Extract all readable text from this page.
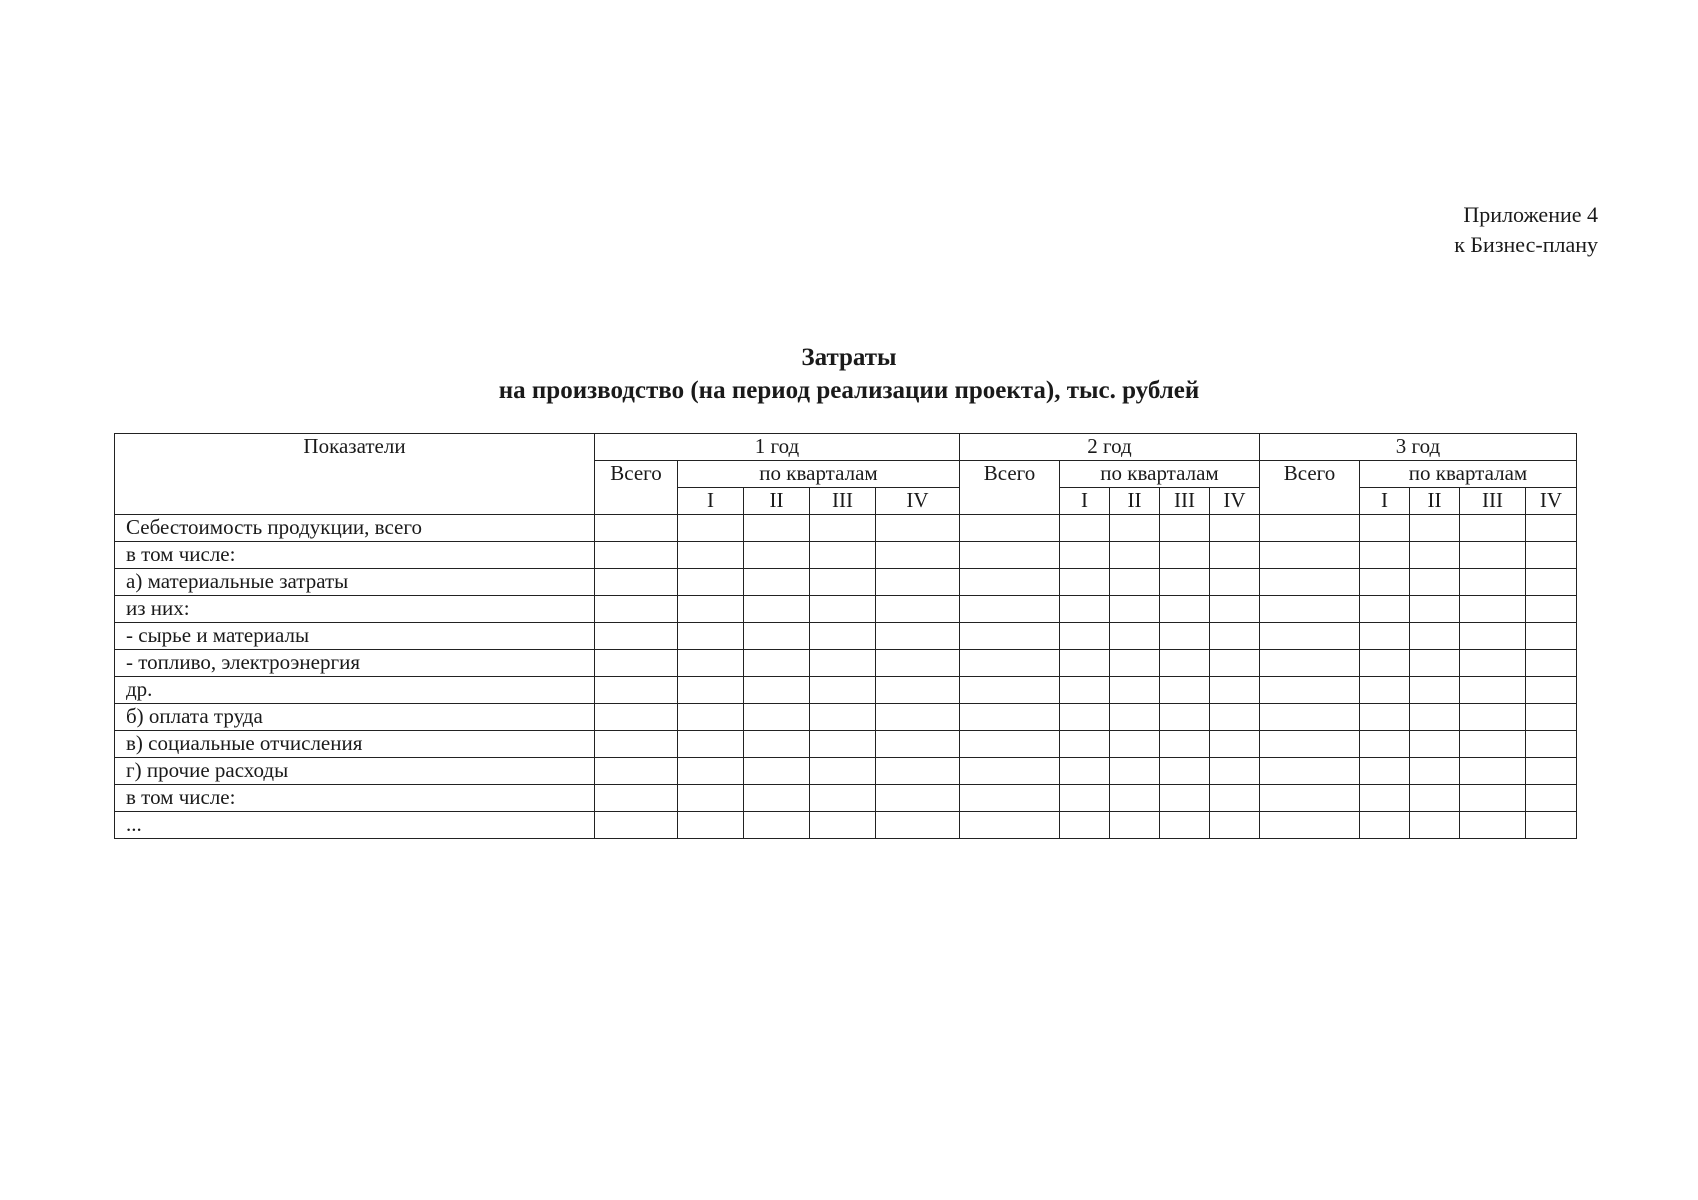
Приложение 4
к Бизнес-плану
Затраты
на производство (на период реализации проекта), тыс. рублей
Показатели	1 год					2 год					3 год				
	Всего	по кварталам				Всего	по кварталам				Всего	по кварталам			
		I	II	III	IV		I	II	III	IV		I	II	III	IV
Себестоимость продукции, всего															
в том числе:															
а) материальные затраты															
из них:															
- сырье и материалы															
- топливо, электроэнергия															
др.															
б) оплата труда															
в) социальные отчисления															
г) прочие расходы															
в том числе:															
...															
